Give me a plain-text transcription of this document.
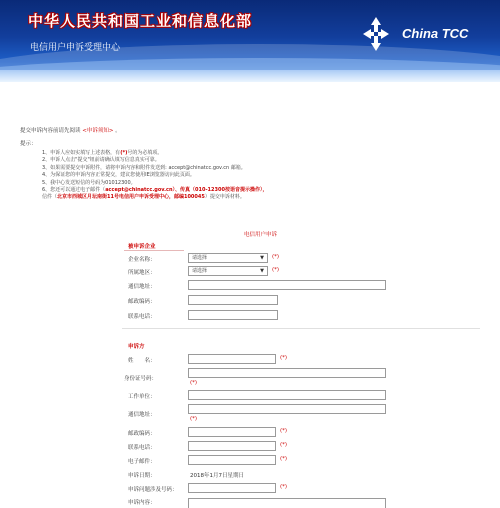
中华人民共和国工业和信息化部
电信用户申诉受理中心
China TCC
提交申诉内容前请先阅读 <申诉须知> 。
提示：
1、申诉人应如实填写上述表格，有(*)号的为必填项。
2、申诉人点击"提交"钮前请确认填写信息真实可靠。
3、如果需要提交申诉附件，请将申诉内容和附件发送到: accept@chinatcc.gov.cn 邮箱。
4、为保证您的申诉内容正常提交，建议您使用IE浏览器访问此页面。
5、我中心发送短信的号码为01012300。
6、您还可以通过电子邮件（accept@chinatcc.gov.cn）、传真（010-12300按语音提示操作），
信件（北京市西城区月坛南街11号电信用户申诉受理中心，邮编100045）提交申诉材料。
电信用户申诉
被申诉企业
企业名称：	请选择	▼ (*)
所属地区：	请选择	▼ (*)
通信地址：
邮政编码：
联系电话：
申诉方
姓　　名：	(*)
身份证号码：
(*)
工作单位：
通信地址：
(*)
邮政编码：	(*)
联系电话：	(*)
电子邮件：	(*)
申诉日期：	2018年1月7日星期日
申诉问题涉及号码：	(*)
申诉内容：
